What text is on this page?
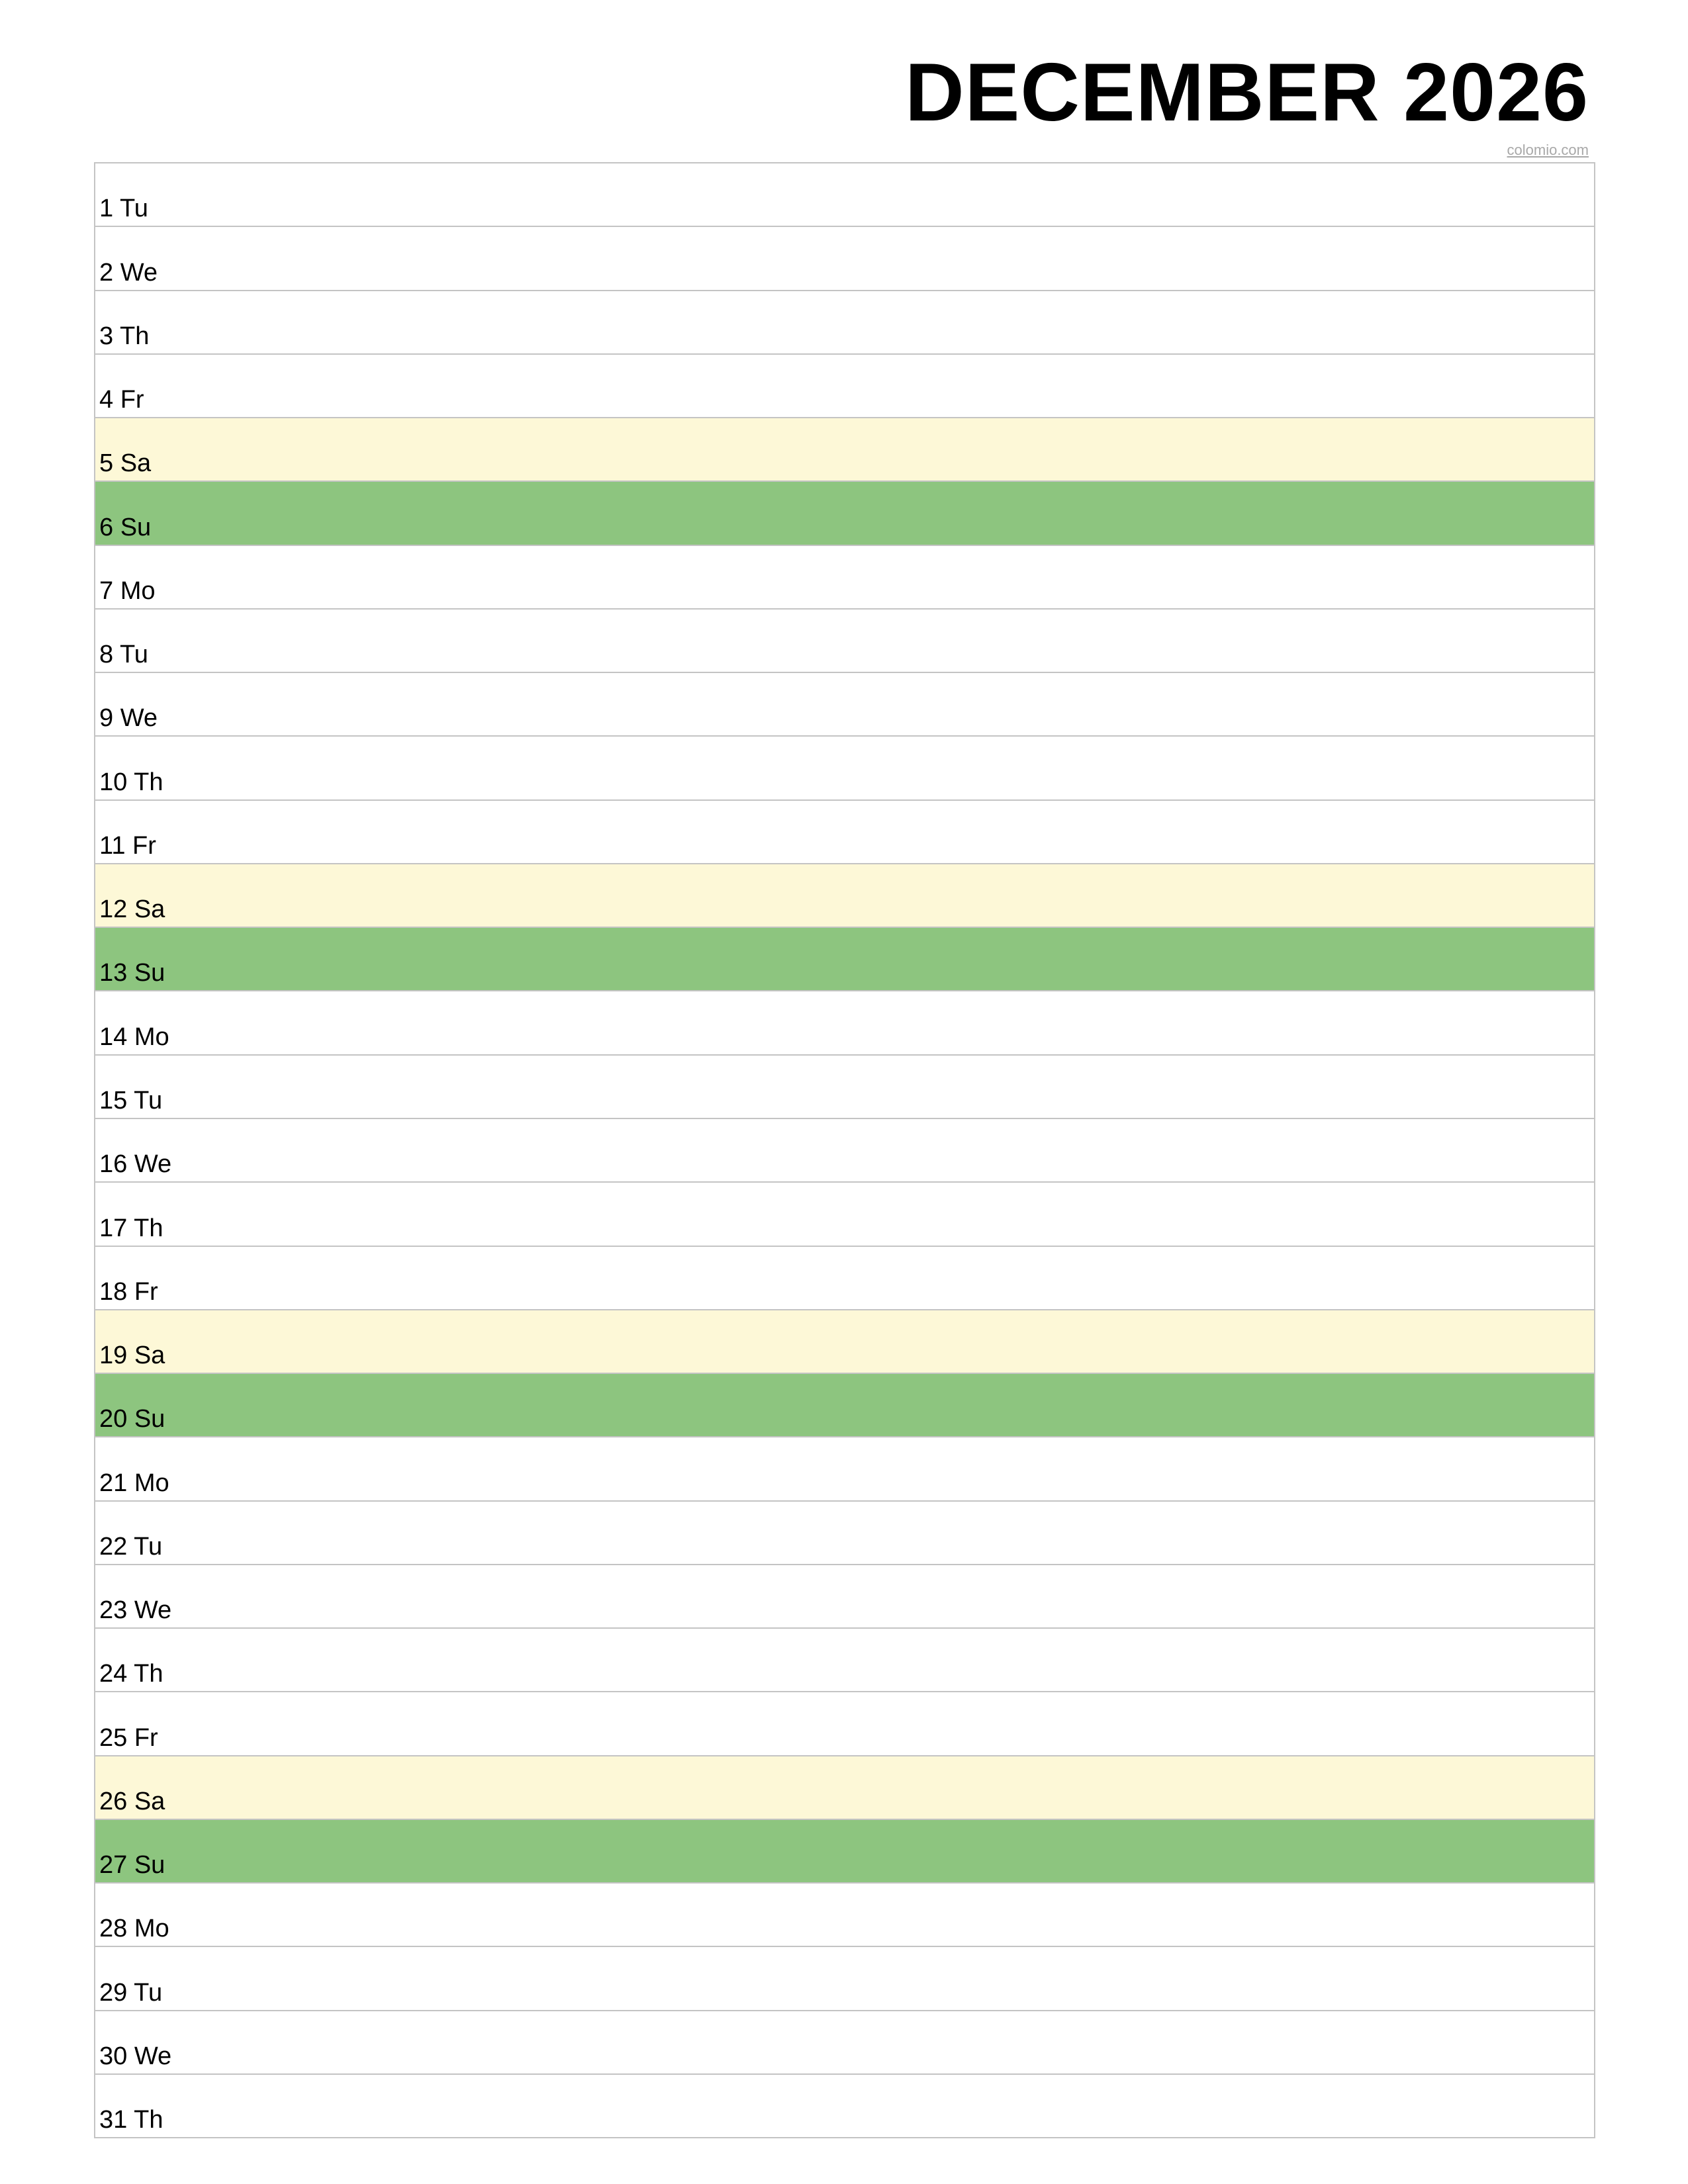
DECEMBER 2026
colomio.com
1 Tu
2 We
3 Th
4 Fr
5 Sa
6 Su
7 Mo
8 Tu
9 We
10 Th
11 Fr
12 Sa
13 Su
14 Mo
15 Tu
16 We
17 Th
18 Fr
19 Sa
20 Su
21 Mo
22 Tu
23 We
24 Th
25 Fr
26 Sa
27 Su
28 Mo
29 Tu
30 We
31 Th
